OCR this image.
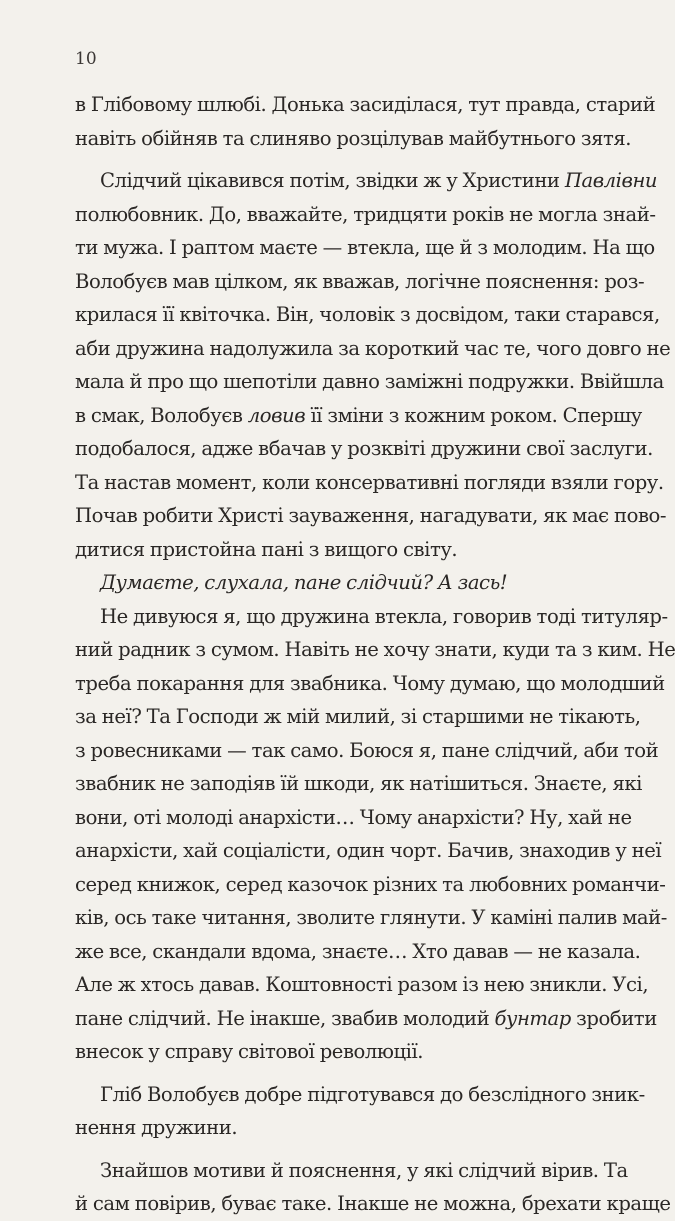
10
в Глібовому шлюбі. Донька засиділася, тут правда, старий
навіть обійняв та слиняво розцілував майбутнього зятя.
Слідчий цікавився потім, звідки ж у Христини Павлівни
полюбовник. До, вважайте, тридцяти років не могла знай-
ти мужа. І раптом маєте — втекла, ще й з молодим. На що
Волобуєв мав цілком, як вважав, логічне пояснення: роз-
крилася її квіточка. Він, чоловік з досвідом, таки старався,
аби дружина надолужила за короткий час те, чого довго не
мала й про що шепотіли давно заміжні подружки. Ввійшла
в смак, Волобуєв ловив її зміни з кожним роком. Спершу
подобалося, адже вбачав у розквіті дружини свої заслуги.
Та настав момент, коли консервативні погляди взяли гору.
Почав робити Христі зауваження, нагадувати, як має пово-
дитися пристойна пані з вищого світу.
Думаєте, слухала, пане слідчий? А зась!
Не дивуюся я, що дружина втекла, говорив тоді титуляр-
ний радник з сумом. Навіть не хочу знати, куди та з ким. Не
треба покарання для звабника. Чому думаю, що молодший
за неї? Та Господи ж мій милий, зі старшими не тікають,
з ровесниками — так само. Боюся я, пане слідчий, аби той
звабник не заподіяв їй шкоди, як натішиться. Знаєте, які
вони, оті молоді анархісти… Чому анархісти? Ну, хай не
анархісти, хай соціалісти, один чорт. Бачив, знаходив у неї
серед книжок, серед казочок різних та любовних романчи-
ків, ось таке читання, зволите глянути. У каміні палив май-
же все, скандали вдома, знаєте… Хто давав — не казала.
Але ж хтось давав. Коштовності разом із нею зникли. Усі,
пане слідчий. Не інакше, звабив молодий бунтар зробити
внесок у справу світової революції.
Гліб Волобуєв добре підготувався до безслідного зник-
нення дружини.
Знайшов мотиви й пояснення, у які слідчий вірив. Та
й сам повірив, буває таке. Інакше не можна, брехати краще
